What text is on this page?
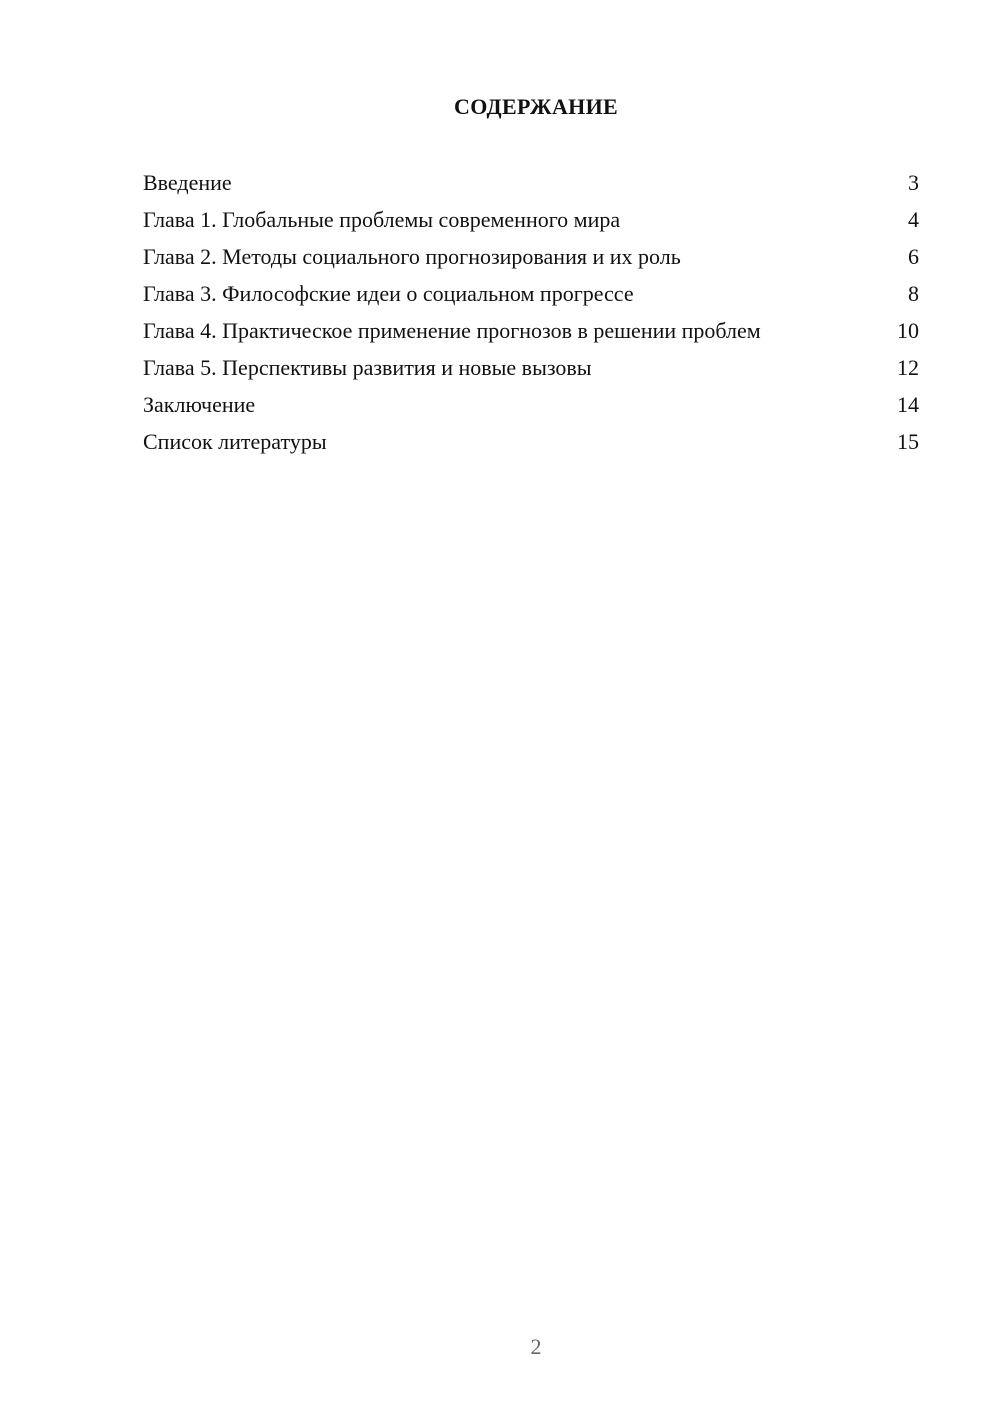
СОДЕРЖАНИЕ
Введение	3
Глава 1. Глобальные проблемы современного мира	4
Глава 2. Методы социального прогнозирования и их роль	6
Глава 3. Философские идеи о социальном прогрессе	8
Глава 4. Практическое применение прогнозов в решении проблем	10
Глава 5. Перспективы развития и новые вызовы	12
Заключение	14
Список литературы	15
2
